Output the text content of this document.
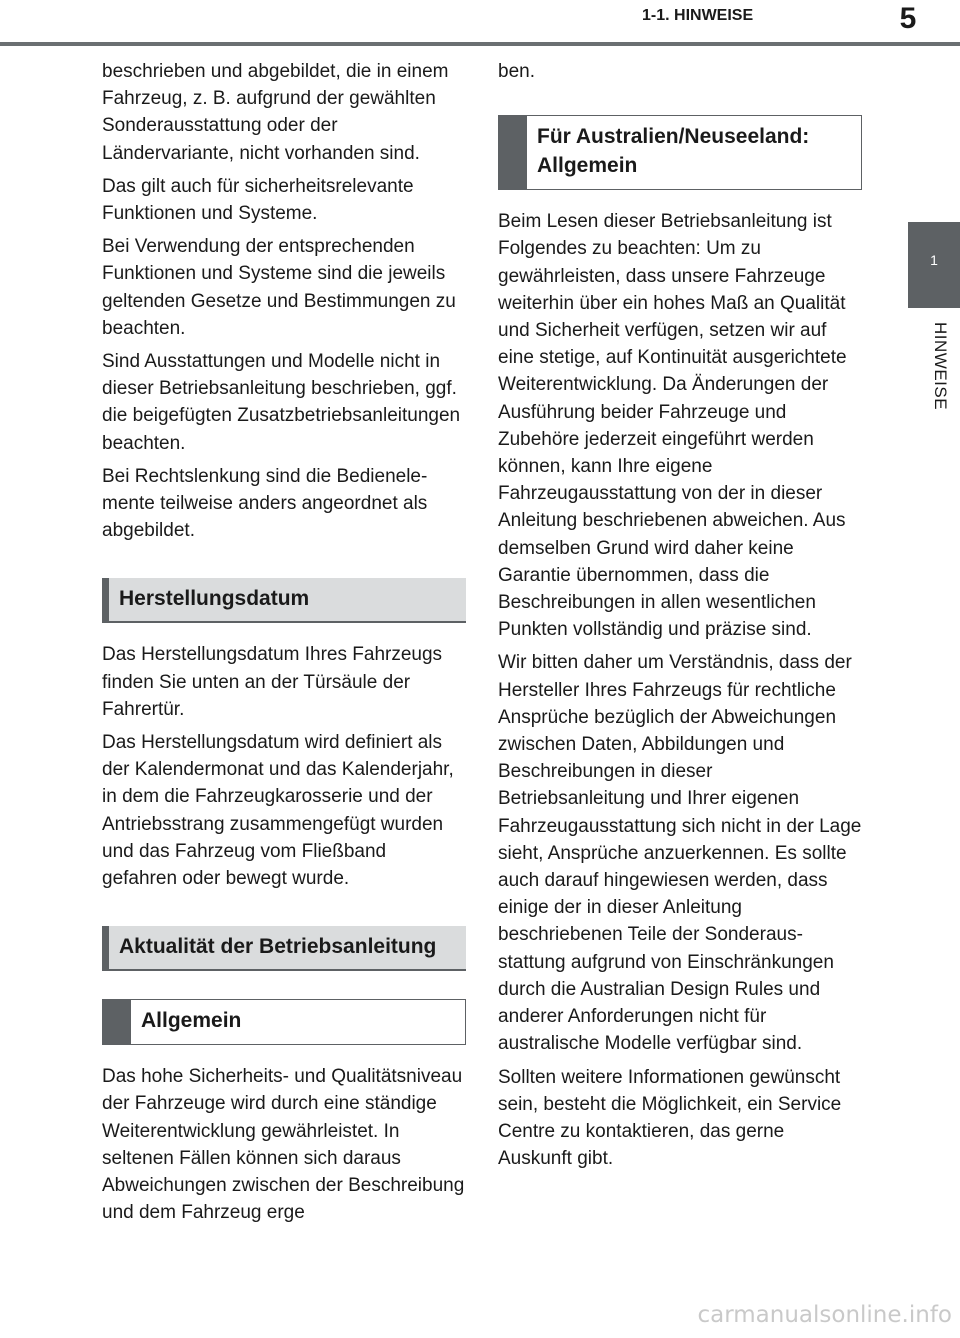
1-1. HINWEISE	5
1
HINWEISE

beschrieben und abgebildet, die in einem Fahrzeug, z. B. aufgrund der gewählten Sonderausstattung oder der Ländervariante, nicht vorhanden sind.

Das gilt auch für sicherheitsrelevante Funktionen und Systeme.

Bei Verwendung der entsprechenden Funktionen und Systeme sind die jeweils geltenden Gesetze und Bestimmungen zu beachten.

Sind Ausstattungen und Modelle nicht in dieser Betriebsanleitung beschrieben, ggf. die beigefügten Zusatzbetriebsanleitungen beachten.

Bei Rechtslenkung sind die Bedienelemente teilweise anders angeordnet als abgebildet.

Herstellungsdatum

Das Herstellungsdatum Ihres Fahrzeugs finden Sie unten an der Türsäule der Fahrertür.

Das Herstellungsdatum wird definiert als der Kalendermonat und das Kalenderjahr, in dem die Fahrzeugkarosserie und der Antriebsstrang zusammengefügt wurden und das Fahrzeug vom Fließband gefahren oder bewegt wurde.

Aktualität der Betriebsanleitung
Allgemein

Das hohe Sicherheits- und Qualitätsniveau der Fahrzeuge wird durch eine ständige Weiterentwicklung gewährleistet. In seltenen Fällen können sich daraus Abweichungen zwischen der Beschreibung und dem Fahrzeug erge

ben.

Für Australien/Neuseeland: Allgemein

Beim Lesen dieser Betriebsanleitung ist Folgendes zu beachten: Um zu gewährleisten, dass unsere Fahrzeuge weiterhin über ein hohes Maß an Qualität und Sicherheit verfügen, setzen wir auf eine stetige, auf Kontinuität ausgerichtete Weiterentwicklung. Da Änderungen der Ausführung beider Fahrzeuge und Zubehöre jederzeit eingeführt werden können, kann Ihre eigene Fahrzeugausstattung von der in dieser Anleitung beschriebenen abweichen. Aus demselben Grund wird daher keine Garantie übernommen, dass die Beschreibungen in allen wesentlichen Punkten vollständig und präzise sind.

Wir bitten daher um Verständnis, dass der Hersteller Ihres Fahrzeugs für rechtliche Ansprüche bezüglich der Abweichungen zwischen Daten, Abbildungen und Beschreibungen in dieser Betriebsanleitung und Ihrer eigenen Fahrzeugausstattung sich nicht in der Lage sieht, Ansprüche anzuerkennen. Es sollte auch darauf hingewiesen werden, dass einige der in dieser Anleitung beschriebenen Teile der Sonderausstattung aufgrund von Einschränkungen durch die Australian Design Rules und anderer Anforderungen nicht für australische Modelle verfügbar sind.

Sollten weitere Informationen gewünscht sein, besteht die Möglichkeit, ein Service Centre zu kontaktieren, das gerne Auskunft gibt.

carmanualsonline.info
